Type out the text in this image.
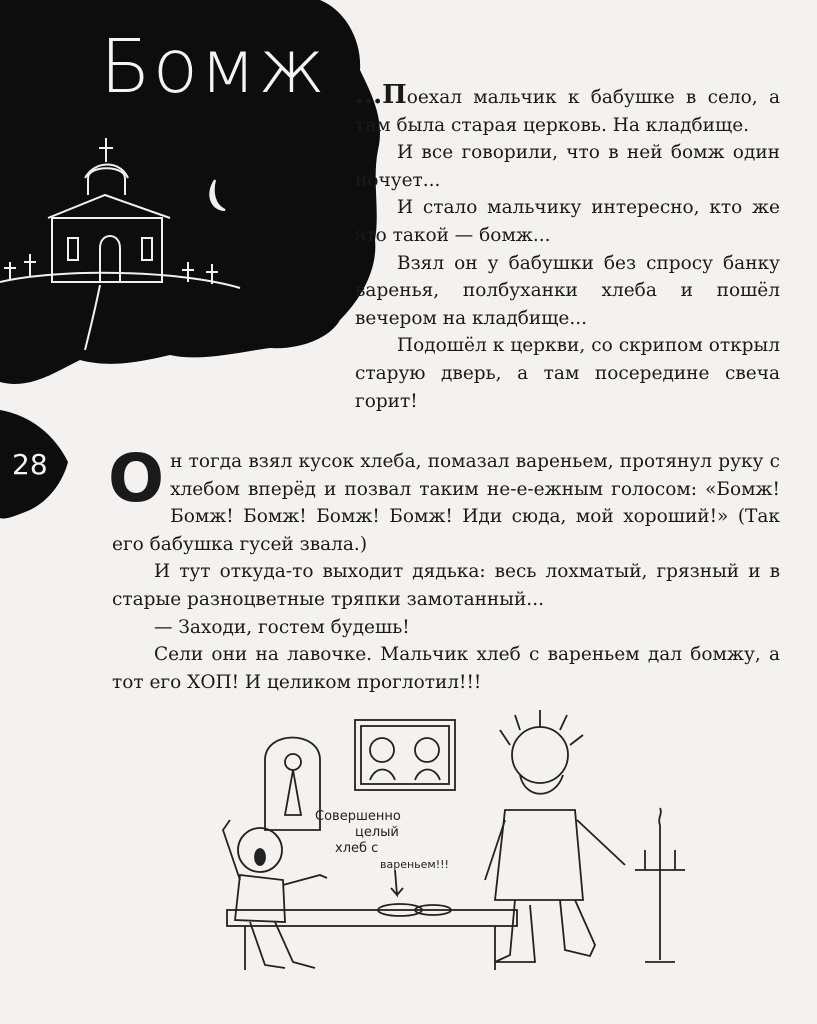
Бомж
28

...Поехал мальчик к бабушке в село, а там была старая церковь. На кладбище.

И все говорили, что в ней бомж один ночует...

И стало мальчику интересно, кто же это такой — бомж...

Взял он у бабушки без спросу банку варенья, полбуханки хлеба и пошёл вечером на кладбище...

Подошёл к церкви, со скрипом открыл старую дверь, а там посередине свеча горит!

Он тогда взял кусок хлеба, помазал вареньем, протянул руку с хлебом вперёд и позвал таким не-е-ежным голосом: «Бомж! Бомж! Бомж! Бомж! Бомж! Иди сюда, мой хороший!» (Так его бабушка гусей звала.)

И тут откуда-то выходит дядька: весь лохматый, грязный и в старые разноцветные тряпки замотанный...

— Заходи, гостем будешь!

Сели они на лавочке. Мальчик хлеб с вареньем дал бомжу, а тот его ХОП! И целиком проглотил!!!

Совершенно
целый
хлеб с
вареньем!!!
